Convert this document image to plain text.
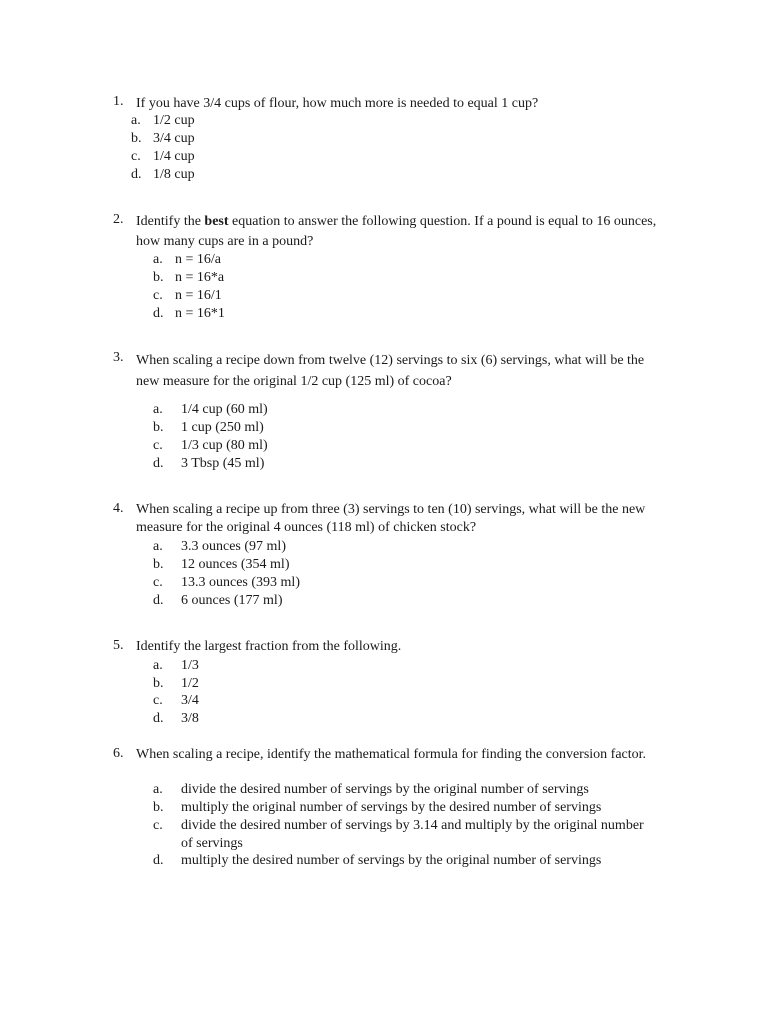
1. If you have 3/4 cups of flour, how much more is needed to equal 1 cup?
a. 1/2 cup
b. 3/4 cup
c. 1/4 cup
d. 1/8 cup
2. Identify the best equation to answer the following question. If a pound is equal to 16 ounces, how many cups are in a pound?
a. n = 16/a
b. n = 16*a
c. n = 16/1
d. n = 16*1
3. When scaling a recipe down from twelve (12) servings to six (6) servings, what will be the new measure for the original 1/2 cup (125 ml) of cocoa?
a. 1/4 cup (60 ml)
b. 1 cup (250 ml)
c. 1/3 cup (80 ml)
d. 3 Tbsp (45 ml)
4. When scaling a recipe up from three (3) servings to ten (10) servings, what will be the new measure for the original 4 ounces (118 ml) of chicken stock?
a. 3.3 ounces (97 ml)
b. 12 ounces (354 ml)
c. 13.3 ounces (393 ml)
d. 6 ounces (177 ml)
5. Identify the largest fraction from the following.
a. 1/3
b. 1/2
c. 3/4
d. 3/8
6. When scaling a recipe, identify the mathematical formula for finding the conversion factor.
a. divide the desired number of servings by the original number of servings
b. multiply the original number of servings by the desired number of servings
c. divide the desired number of servings by 3.14 and multiply by the original number of servings
d. multiply the desired number of servings by the original number of servings
